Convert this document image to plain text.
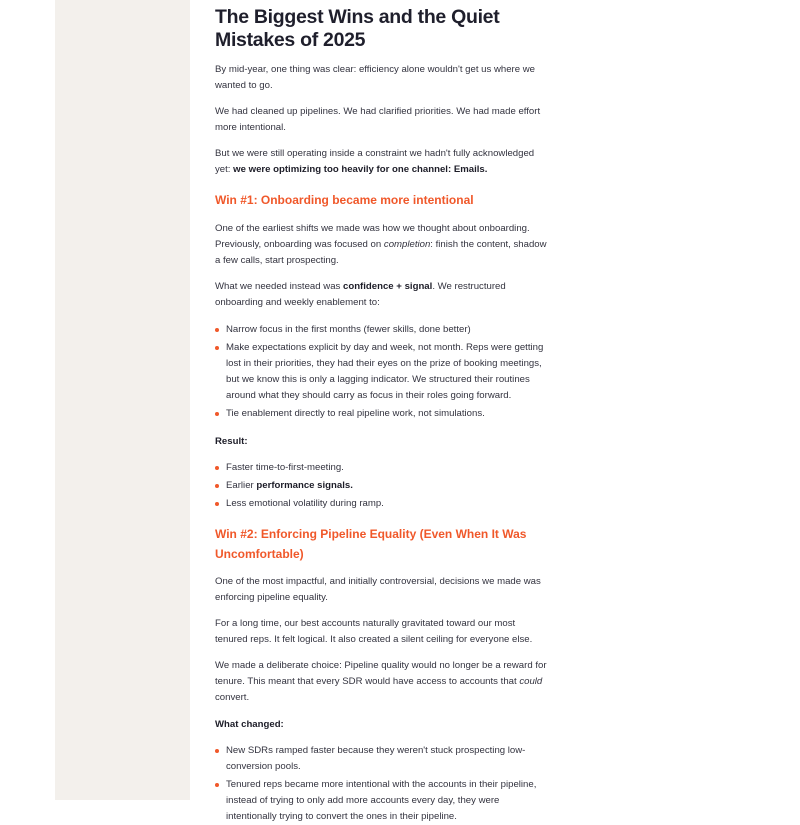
The Biggest Wins and the Quiet Mistakes of 2025

By mid-year, one thing was clear: efficiency alone wouldn't get us where we wanted to go.

We had cleaned up pipelines. We had clarified priorities. We had made effort more intentional.

But we were still operating inside a constraint we hadn't fully acknowledged yet: we were optimizing too heavily for one channel: Emails.

Win #1: Onboarding became more intentional

One of the earliest shifts we made was how we thought about onboarding. Previously, onboarding was focused on completion: finish the content, shadow a few calls, start prospecting.

What we needed instead was confidence + signal. We restructured onboarding and weekly enablement to:

Narrow focus in the first months (fewer skills, done better)
Make expectations explicit by day and week, not month. Reps were getting lost in their priorities, they had their eyes on the prize of booking meetings, but we know this is only a lagging indicator. We structured their routines around what they should carry as focus in their roles going forward.
Tie enablement directly to real pipeline work, not simulations.

Result:

Faster time-to-first-meeting.
Earlier performance signals.
Less emotional volatility during ramp.
Win #2: Enforcing Pipeline Equality (Even When It Was Uncomfortable)

One of the most impactful, and initially controversial, decisions we made was enforcing pipeline equality.

For a long time, our best accounts naturally gravitated toward our most tenured reps. It felt logical. It also created a silent ceiling for everyone else.

We made a deliberate choice: Pipeline quality would no longer be a reward for tenure. This meant that every SDR would have access to accounts that could convert.

What changed:

New SDRs ramped faster because they weren't stuck prospecting low-conversion pools.
Tenured reps became more intentional with the accounts in their pipeline, instead of trying to only add more accounts every day, they were intentionally trying to convert the ones in their pipeline.
